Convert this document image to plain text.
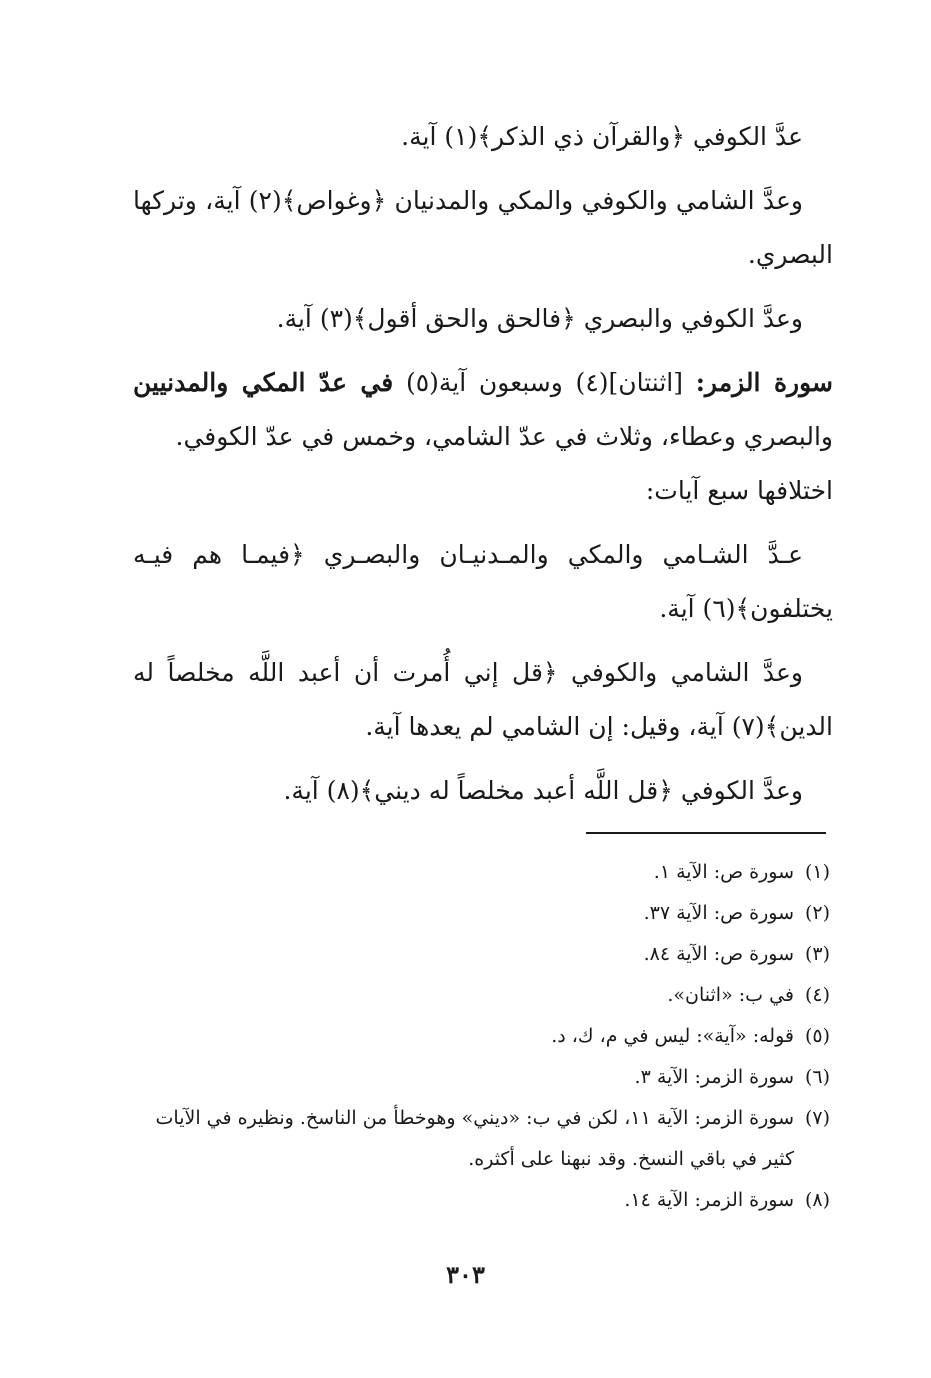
عدَّ الكوفي ﴿والقرآن ذي الذكر﴾(١) آية.

وعدَّ الشامي والكوفي والمكي والمدنيان ﴿وغواص﴾(٢) آية، وتركها البصري.

وعدَّ الكوفي والبصري ﴿فالحق والحق أقول﴾(٣) آية.

سورة الزمر: [اثنتان](٤) وسبعون آية(٥) في عدّ المكي والمدنيين والبصري وعطاء، وثلاث في عدّ الشامي، وخمس في عدّ الكوفي.

اختلافها سبع آيات:

عـدَّ الشـامي والمكي والمـدنيـان والبصـري ﴿فيمـا هم فيـه يختلفون﴾(٦) آية.

وعدَّ الشامي والكوفي ﴿قل إني أُمرت أن أعبد اللَّه مخلصاً له الدين﴾(٧) آية، وقيل: إن الشامي لم يعدها آية.

وعدَّ الكوفي ﴿قل اللَّه أعبد مخلصاً له ديني﴾(٨) آية.

(١)
سورة ص: الآية ١.
(٢)
سورة ص: الآية ٣٧.
(٣)
سورة ص: الآية ٨٤.
(٤)
في ب: «اثنان».
(٥)
قوله: «آية»: ليس في م، ك، د.
(٦)
سورة الزمر: الآية ٣.
(٧)
سورة الزمر: الآية ١١، لكن في ب: «ديني» وهوخطأ من الناسخ. ونظيره في الآيات كثير في باقي النسخ. وقد نبهنا على أكثره.
(٨)
سورة الزمر: الآية ١٤.
٣٠٣
